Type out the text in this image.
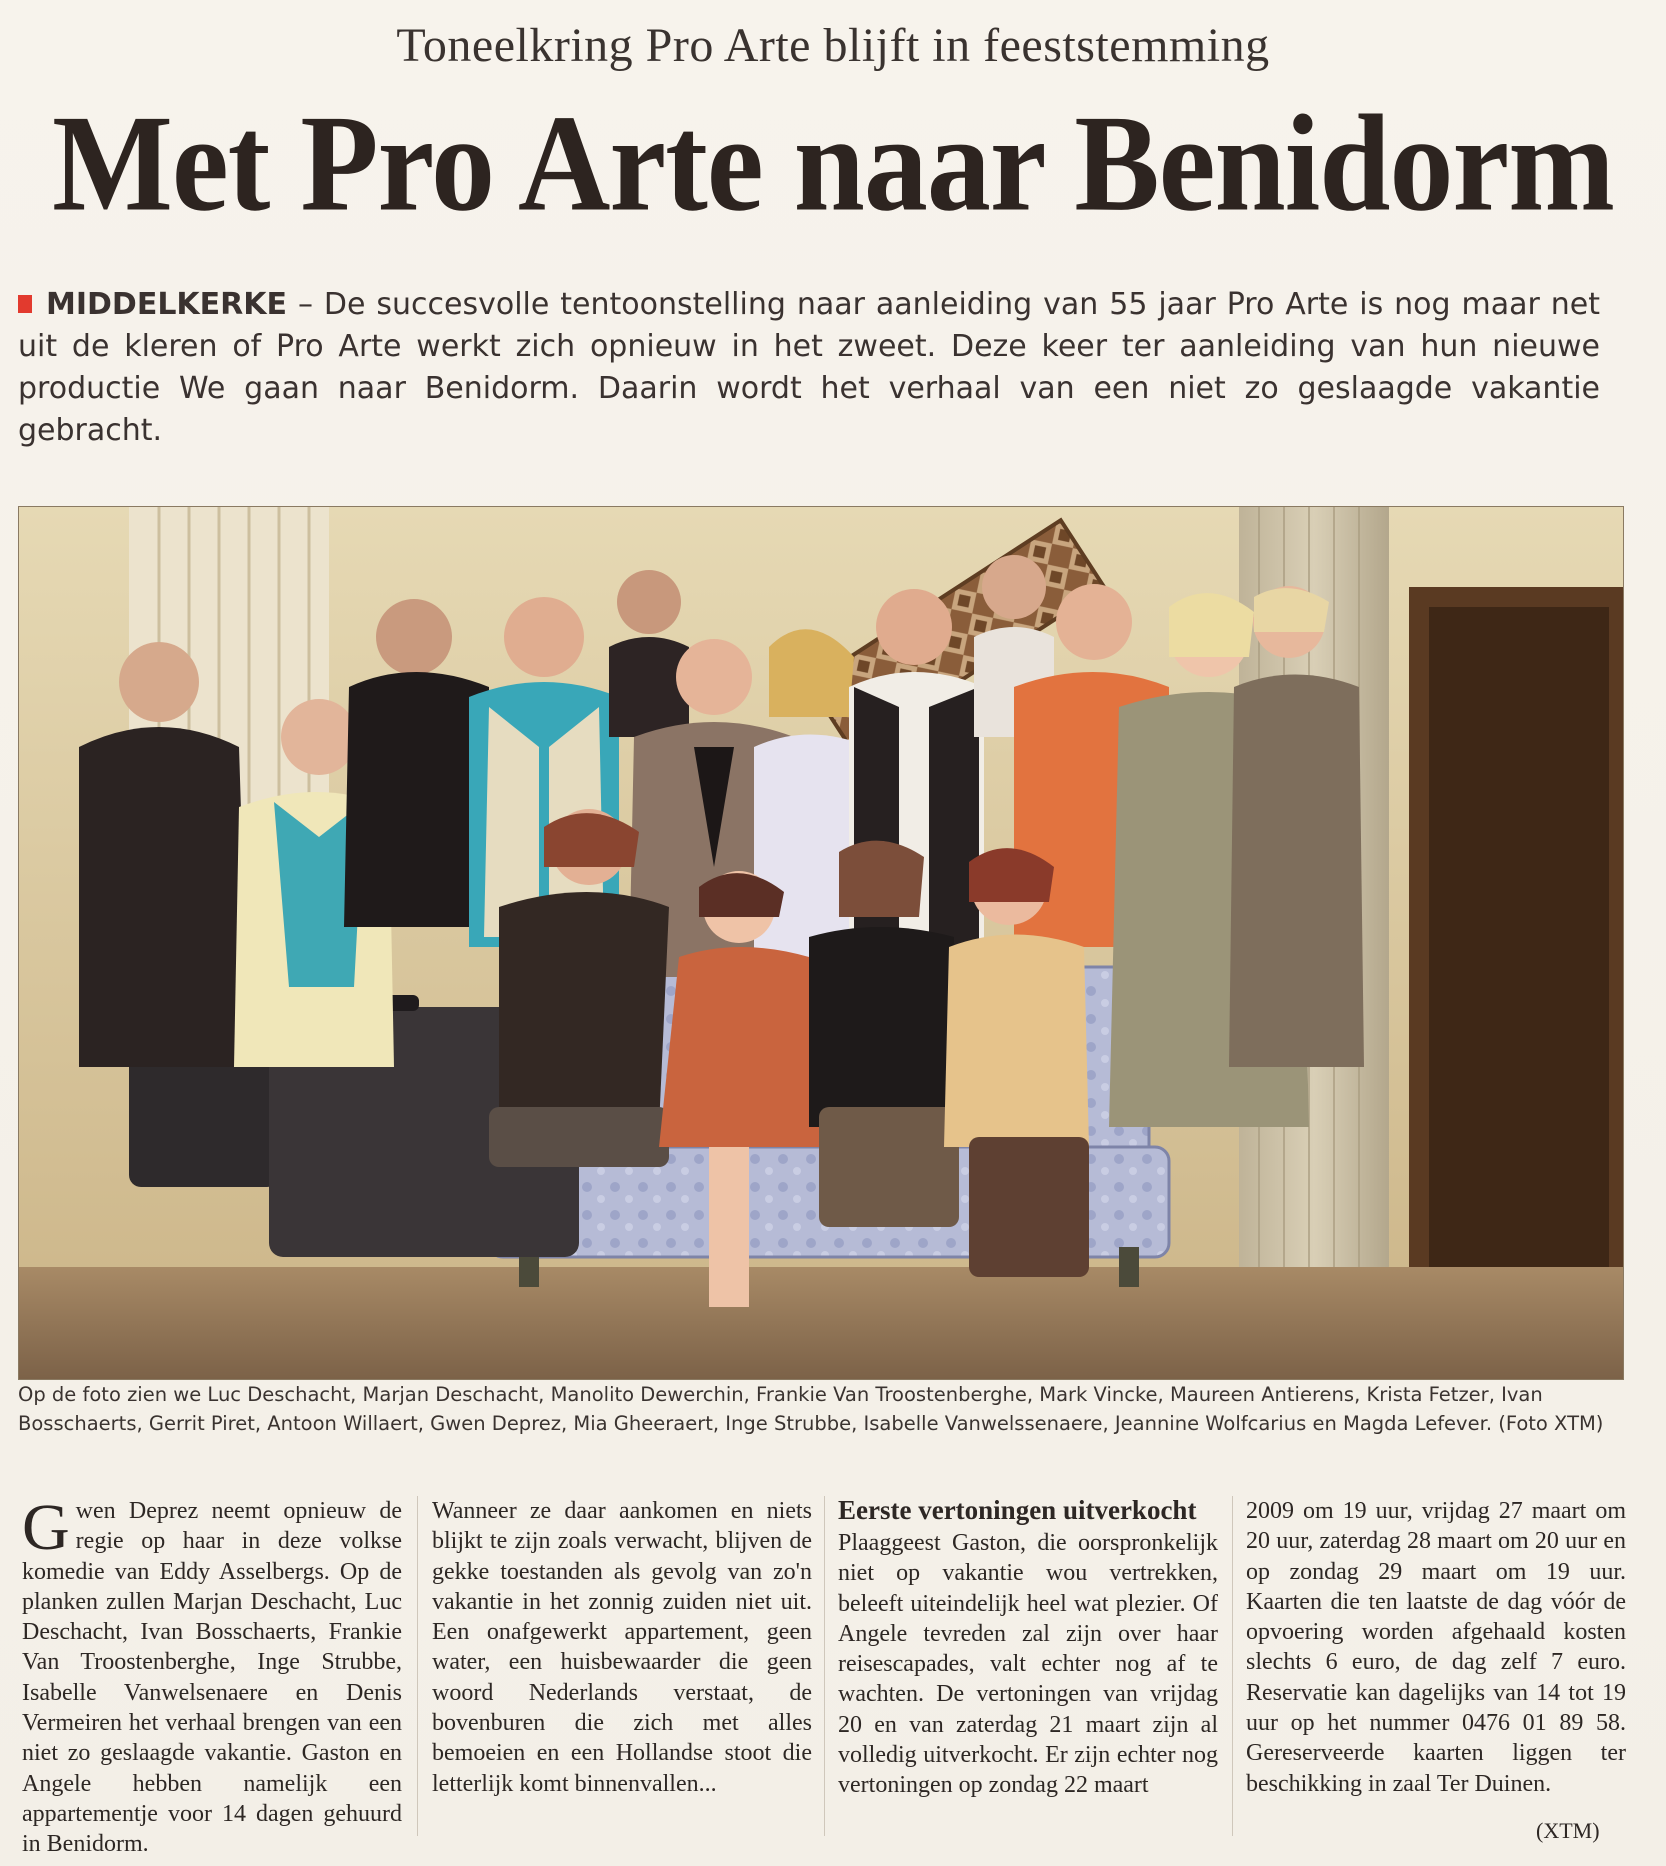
Toneelkring Pro Arte blijft in feeststemming
Met Pro Arte naar Benidorm
MIDDELKERKE – De succesvolle tentoonstelling naar aanleiding van 55 jaar Pro Arte is nog maar net uit de kleren of Pro Arte werkt zich opnieuw in het zweet. Deze keer ter aanleiding van hun nieuwe productie We gaan naar Benidorm. Daarin wordt het verhaal van een niet zo geslaagde vakantie gebracht.
Op de foto zien we Luc Deschacht, Marjan Deschacht, Manolito Dewerchin, Frankie Van Troostenberghe, Mark Vincke, Maureen Antierens, Krista Fetzer, Ivan Bosschaerts, Gerrit Piret, Antoon Willaert, Gwen Deprez, Mia Gheeraert, Inge Strubbe, Isabelle Vanwelssenaere, Jeannine Wolfcarius en Magda Lefever. (Foto XTM)
Gwen Deprez neemt opnieuw de regie op haar in deze volkse komedie van Eddy Asselbergs. Op de planken zullen Marjan Deschacht, Luc Deschacht, Ivan Bosschaerts, Frankie Van Troostenberghe, Inge Strubbe, Isabelle Vanwelsenaere en Denis Vermeiren het verhaal brengen van een niet zo geslaagde vakantie. Gaston en Angele hebben namelijk een appartementje voor 14 dagen gehuurd in Benidorm.
Wanneer ze daar aankomen en niets blijkt te zijn zoals verwacht, blijven de gekke toestanden als gevolg van zo'n vakantie in het zonnig zuiden niet uit. Een onafgewerkt appartement, geen water, een huisbewaarder die geen woord Nederlands verstaat, de bovenburen die zich met alles bemoeien en een Hollandse stoot die letterlijk komt binnenvallen...
Eerste vertoningen uitverkocht
Plaaggeest Gaston, die oorspronkelijk niet op vakantie wou vertrekken, beleeft uiteindelijk heel wat plezier. Of Angele tevreden zal zijn over haar reisescapades, valt echter nog af te wachten. De vertoningen van vrijdag 20 en van zaterdag 21 maart zijn al volledig uitverkocht. Er zijn echter nog vertoningen op zondag 22 maart
2009 om 19 uur, vrijdag 27 maart om 20 uur, zaterdag 28 maart om 20 uur en op zondag 29 maart om 19 uur. Kaarten die ten laatste de dag vóór de opvoering worden afgehaald kosten slechts 6 euro, de dag zelf 7 euro. Reservatie kan dagelijks van 14 tot 19 uur op het nummer 0476 01 89 58. Gereserveerde kaarten liggen ter beschikking in zaal Ter Duinen.
(XTM)
